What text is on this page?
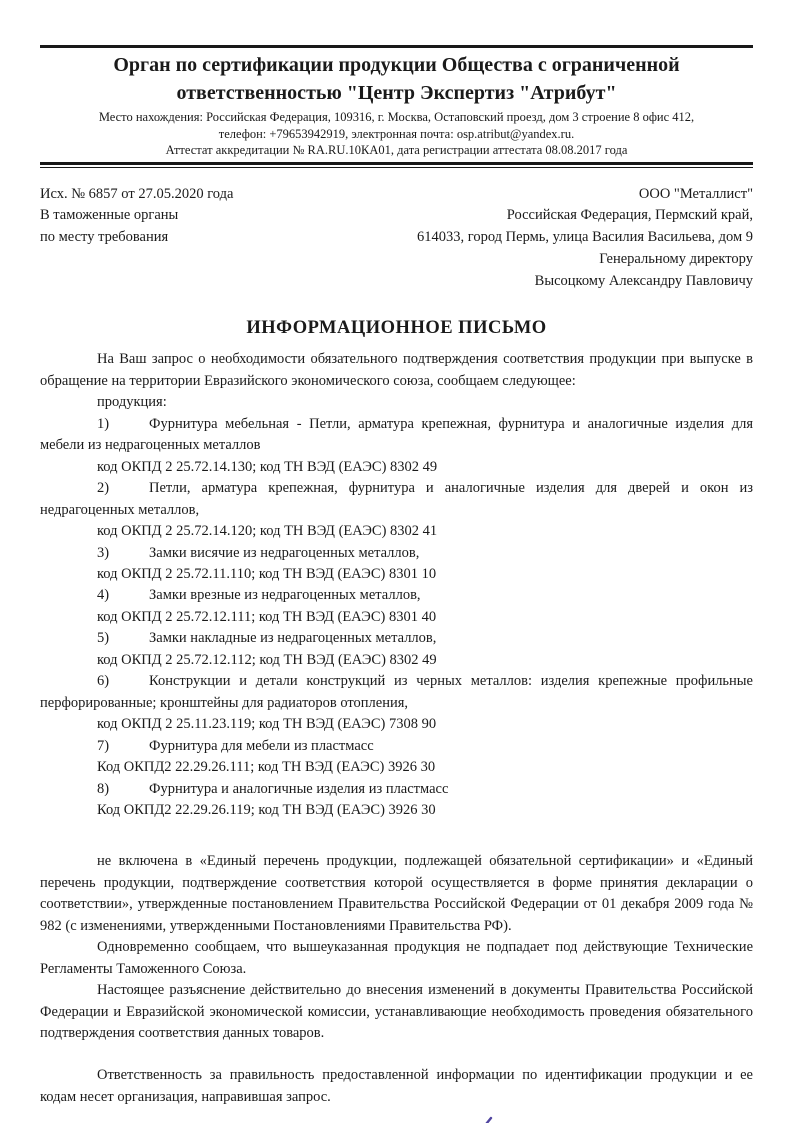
Орган по сертификации продукции Общества с ограниченной ответственностью "Центр Экспертиз "Атрибут"
Место нахождения: Российская Федерация, 109316, г. Москва, Остаповский проезд, дом 3 строение 8 офис 412,
телефон: +79653942919, электронная почта: osp.atribut@yandex.ru.
Аттестат аккредитации № RA.RU.10КА01, дата регистрации аттестата 08.08.2017 года
Исх. № 6857 от 27.05.2020 года
В таможенные органы
по месту требования
ООО "Металлист"
Российская Федерация, Пермский край,
614033, город Пермь, улица Василия Васильева, дом 9
Генеральному директору
Высоцкому Александру Павловичу
ИНФОРМАЦИОННОЕ ПИСЬМО

На Ваш запрос о необходимости обязательного подтверждения соответствия продукции при выпуске в обращение на территории Евразийского экономического союза, сообщаем следующее:

продукция:
1)	Фурнитура мебельная - Петли, арматура крепежная, фурнитура и аналогичные изделия для мебели из недрагоценных металлов
код ОКПД 2 25.72.14.130; код ТН ВЭД (ЕАЭС) 8302 49
2)	Петли, арматура крепежная, фурнитура и аналогичные изделия для дверей и окон из недрагоценных металлов,
код ОКПД 2 25.72.14.120; код ТН ВЭД (ЕАЭС) 8302 41
3)	Замки висячие из недрагоценных металлов,
код ОКПД 2 25.72.11.110; код ТН ВЭД (ЕАЭС) 8301 10
4)	Замки врезные из недрагоценных металлов,
код ОКПД 2 25.72.12.111; код ТН ВЭД (ЕАЭС) 8301 40
5)	Замки накладные из недрагоценных металлов,
код ОКПД 2 25.72.12.112; код ТН ВЭД (ЕАЭС) 8302 49
6)	Конструкции и детали конструкций из черных металлов: изделия крепежные профильные перфорированные; кронштейны для радиаторов отопления,
код ОКПД 2 25.11.23.119; код ТН ВЭД (ЕАЭС) 7308 90
7)	Фурнитура для мебели из пластмасс
Код ОКПД2 22.29.26.111; код ТН ВЭД (ЕАЭС) 3926 30
8)	Фурнитура и аналогичные изделия из пластмасс
Код ОКПД2 22.29.26.119; код ТН ВЭД (ЕАЭС) 3926 30

не включена в «Единый перечень продукции, подлежащей обязательной сертификации» и «Единый перечень продукции, подтверждение соответствия которой осуществляется в форме принятия декларации о соответствии», утвержденные постановлением Правительства Российской Федерации от 01 декабря 2009 года № 982 (с изменениями, утвержденными Постановлениями Правительства РФ).

Одновременно сообщаем, что вышеуказанная продукция не подпадает под действующие Технические Регламенты Таможенного Союза.

Настоящее разъяснение действительно до внесения изменений в документы Правительства Российской Федерации и Евразийской экономической комиссии, устанавливающие необходимость проведения обязательного подтверждения соответствия данных товаров.

Ответственность за правильность предоставленной информации по идентификации продукции и ее кодам несет организация, направившая запрос.
